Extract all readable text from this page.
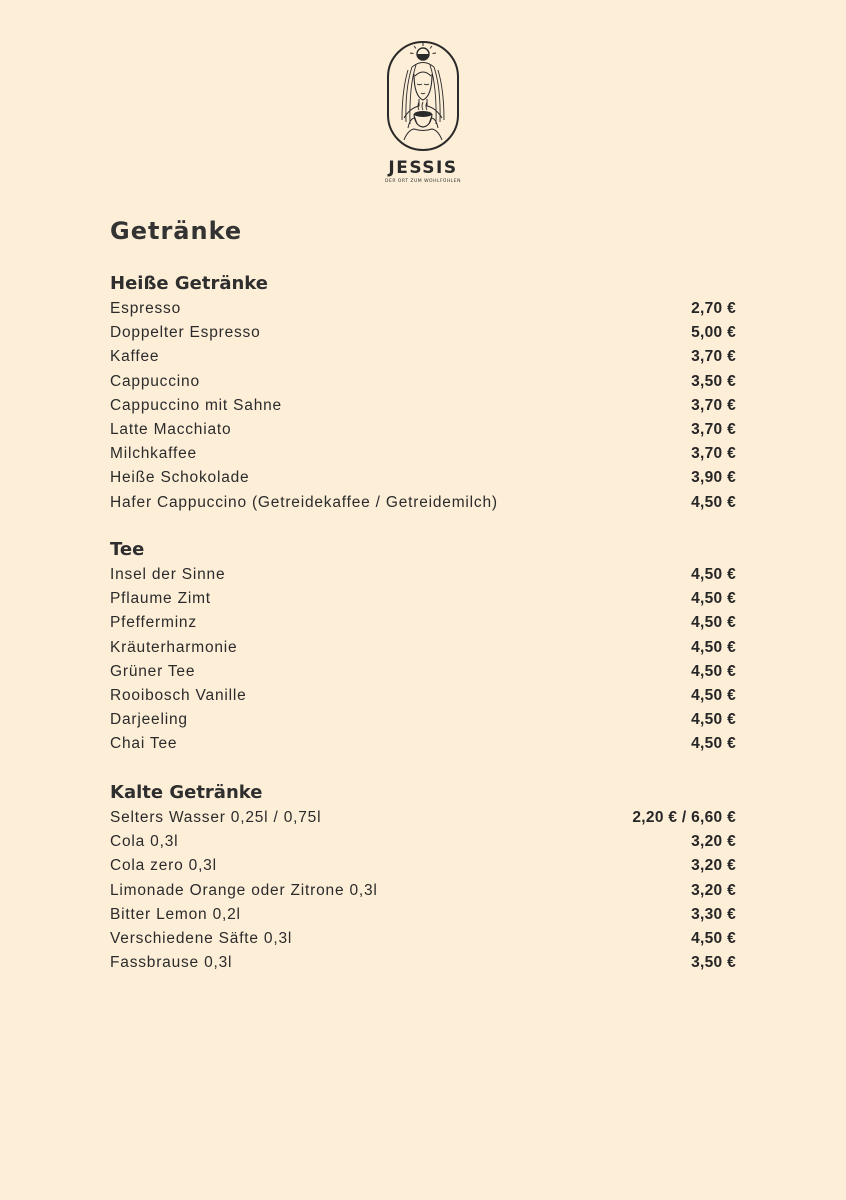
JESSIS
DER ORT ZUM WOHLFÜHLEN
Getränke
Heiße Getränke
Espresso	2,70 €
Doppelter Espresso	5,00 €
Kaffee	3,70 €
Cappuccino	3,50 €
Cappuccino mit Sahne	3,70 €
Latte Macchiato	3,70 €
Milchkaffee	3,70 €
Heiße Schokolade	3,90 €
Hafer Cappuccino (Getreidekaffee / Getreidemilch)	4,50 €
Tee
Insel der Sinne	4,50 €
Pflaume Zimt	4,50 €
Pfefferminz	4,50 €
Kräuterharmonie	4,50 €
Grüner Tee	4,50 €
Rooibosch Vanille	4,50 €
Darjeeling	4,50 €
Chai Tee	4,50 €
Kalte Getränke
Selters Wasser 0,25l / 0,75l	2,20 € / 6,60 €
Cola 0,3l	3,20 €
Cola zero 0,3l	3,20 €
Limonade Orange oder Zitrone 0,3l	3,20 €
Bitter Lemon 0,2l	3,30 €
Verschiedene Säfte 0,3l	4,50 €
Fassbrause 0,3l	3,50 €
